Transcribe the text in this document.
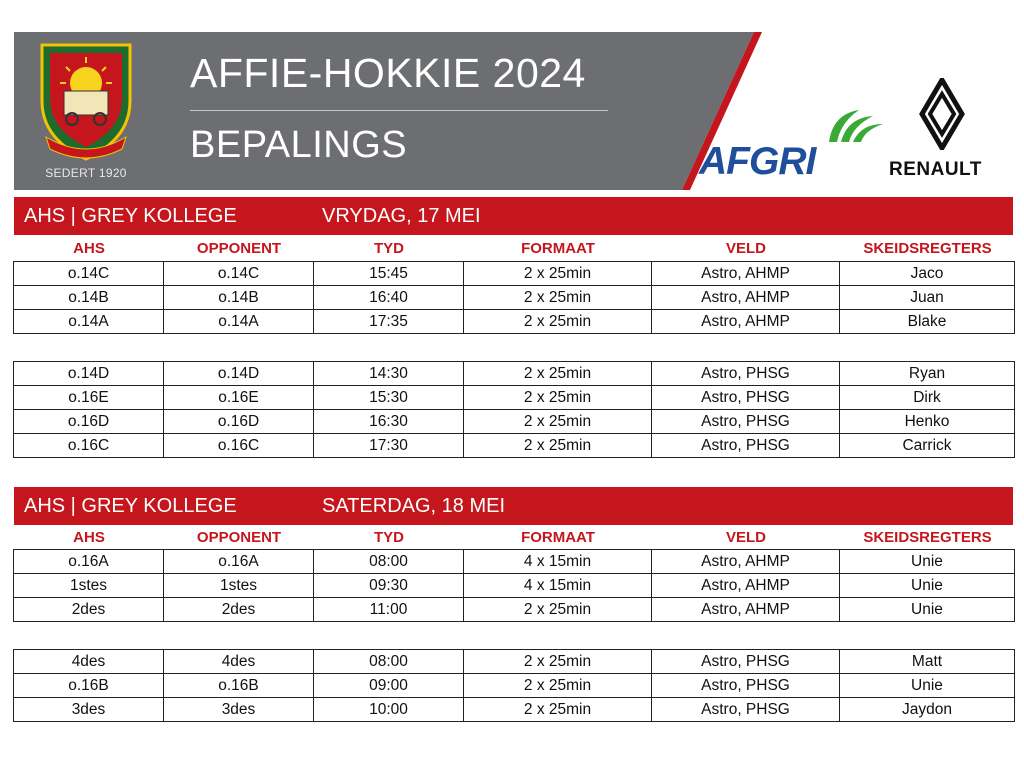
SEDERT 1920
AFFIE-HOKKIE 2024
BEPALINGS	AFGRI	RENAULT
AHS | GREY KOLLEGE	VRYDAG, 17 MEI
AHS	OPPONENT	TYD	FORMAAT	VELD	SKEIDSREGTERS
o.14C	o.14C	15:45	2 x 25min	Astro, AHMP	Jaco
o.14B	o.14B	16:40	2 x 25min	Astro, AHMP	Juan
o.14A	o.14A	17:35	2 x 25min	Astro, AHMP	Blake
o.14D	o.14D	14:30	2 x 25min	Astro, PHSG	Ryan
o.16E	o.16E	15:30	2 x 25min	Astro, PHSG	Dirk
o.16D	o.16D	16:30	2 x 25min	Astro, PHSG	Henko
o.16C	o.16C	17:30	2 x 25min	Astro, PHSG	Carrick
AHS | GREY KOLLEGE	SATERDAG, 18 MEI
AHS	OPPONENT	TYD	FORMAAT	VELD	SKEIDSREGTERS
o.16A	o.16A	08:00	4 x 15min	Astro, AHMP	Unie
1stes	1stes	09:30	4 x 15min	Astro, AHMP	Unie
2des	2des	11:00	2 x 25min	Astro, AHMP	Unie
4des	4des	08:00	2 x 25min	Astro, PHSG	Matt
o.16B	o.16B	09:00	2 x 25min	Astro, PHSG	Unie
3des	3des	10:00	2 x 25min	Astro, PHSG	Jaydon
